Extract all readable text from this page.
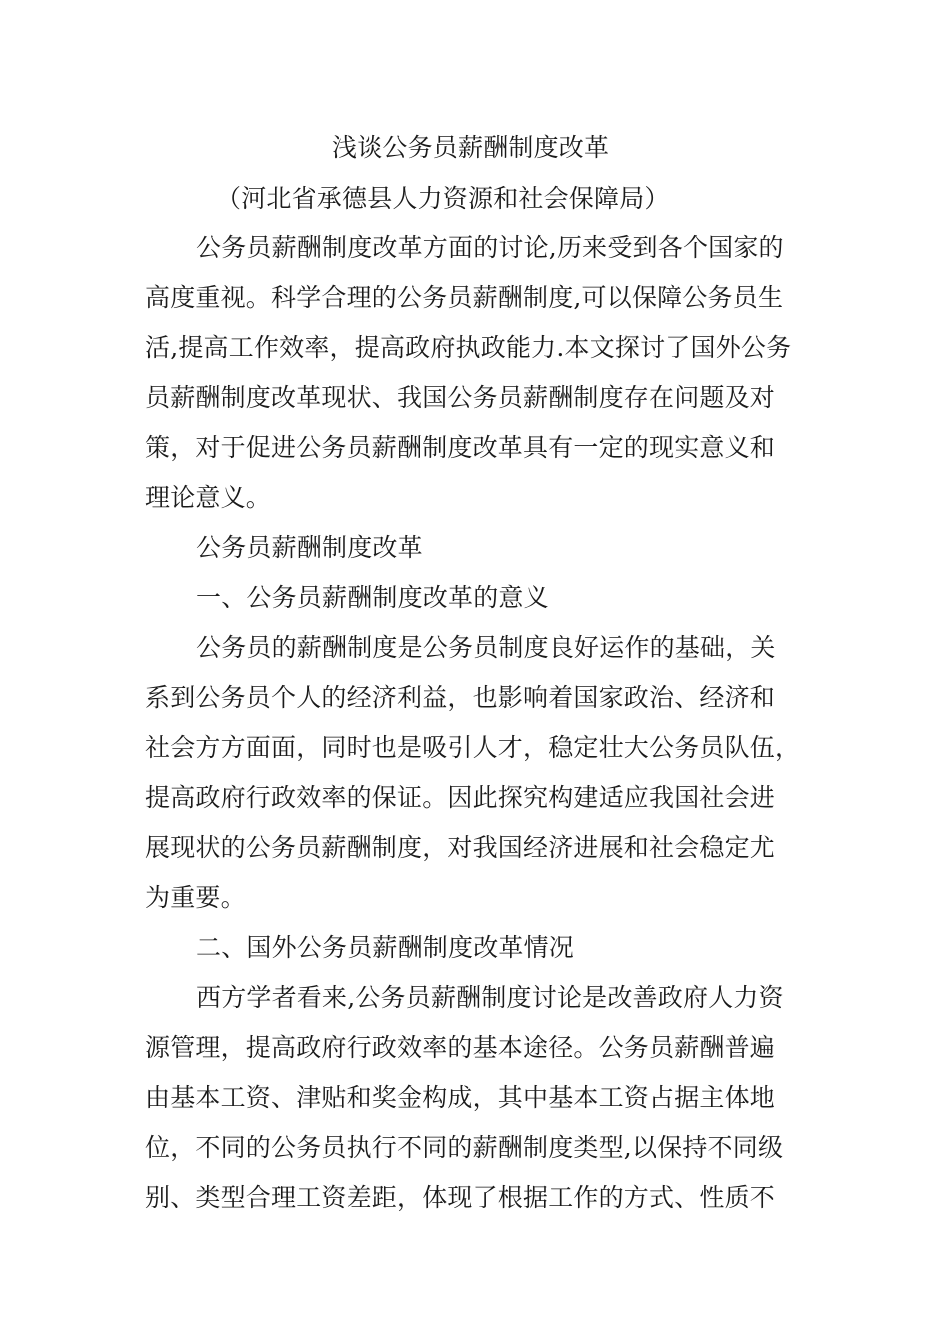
浅谈公务员薪酬制度改革
（河北省承德县人力资源和社会保障局）
公务员薪酬制度改革方面的讨论,历来受到各个国家的
高度重视。科学合理的公务员薪酬制度,可以保障公务员生
活,提高工作效率，提高政府执政能力.本文探讨了国外公务
员薪酬制度改革现状、我国公务员薪酬制度存在问题及对
策，对于促进公务员薪酬制度改革具有一定的现实意义和
理论意义。
公务员薪酬制度改革
一、公务员薪酬制度改革的意义
公务员的薪酬制度是公务员制度良好运作的基础，关
系到公务员个人的经济利益，也影响着国家政治、经济和
社会方方面面，同时也是吸引人才，稳定壮大公务员队伍，
提高政府行政效率的保证。因此探究构建适应我国社会进
展现状的公务员薪酬制度，对我国经济进展和社会稳定尤
为重要。
二、国外公务员薪酬制度改革情况
西方学者看来,公务员薪酬制度讨论是改善政府人力资
源管理，提高政府行政效率的基本途径。公务员薪酬普遍
由基本工资、津贴和奖金构成，其中基本工资占据主体地
位，不同的公务员执行不同的薪酬制度类型,以保持不同级
别、类型合理工资差距，体现了根据工作的方式、性质不
